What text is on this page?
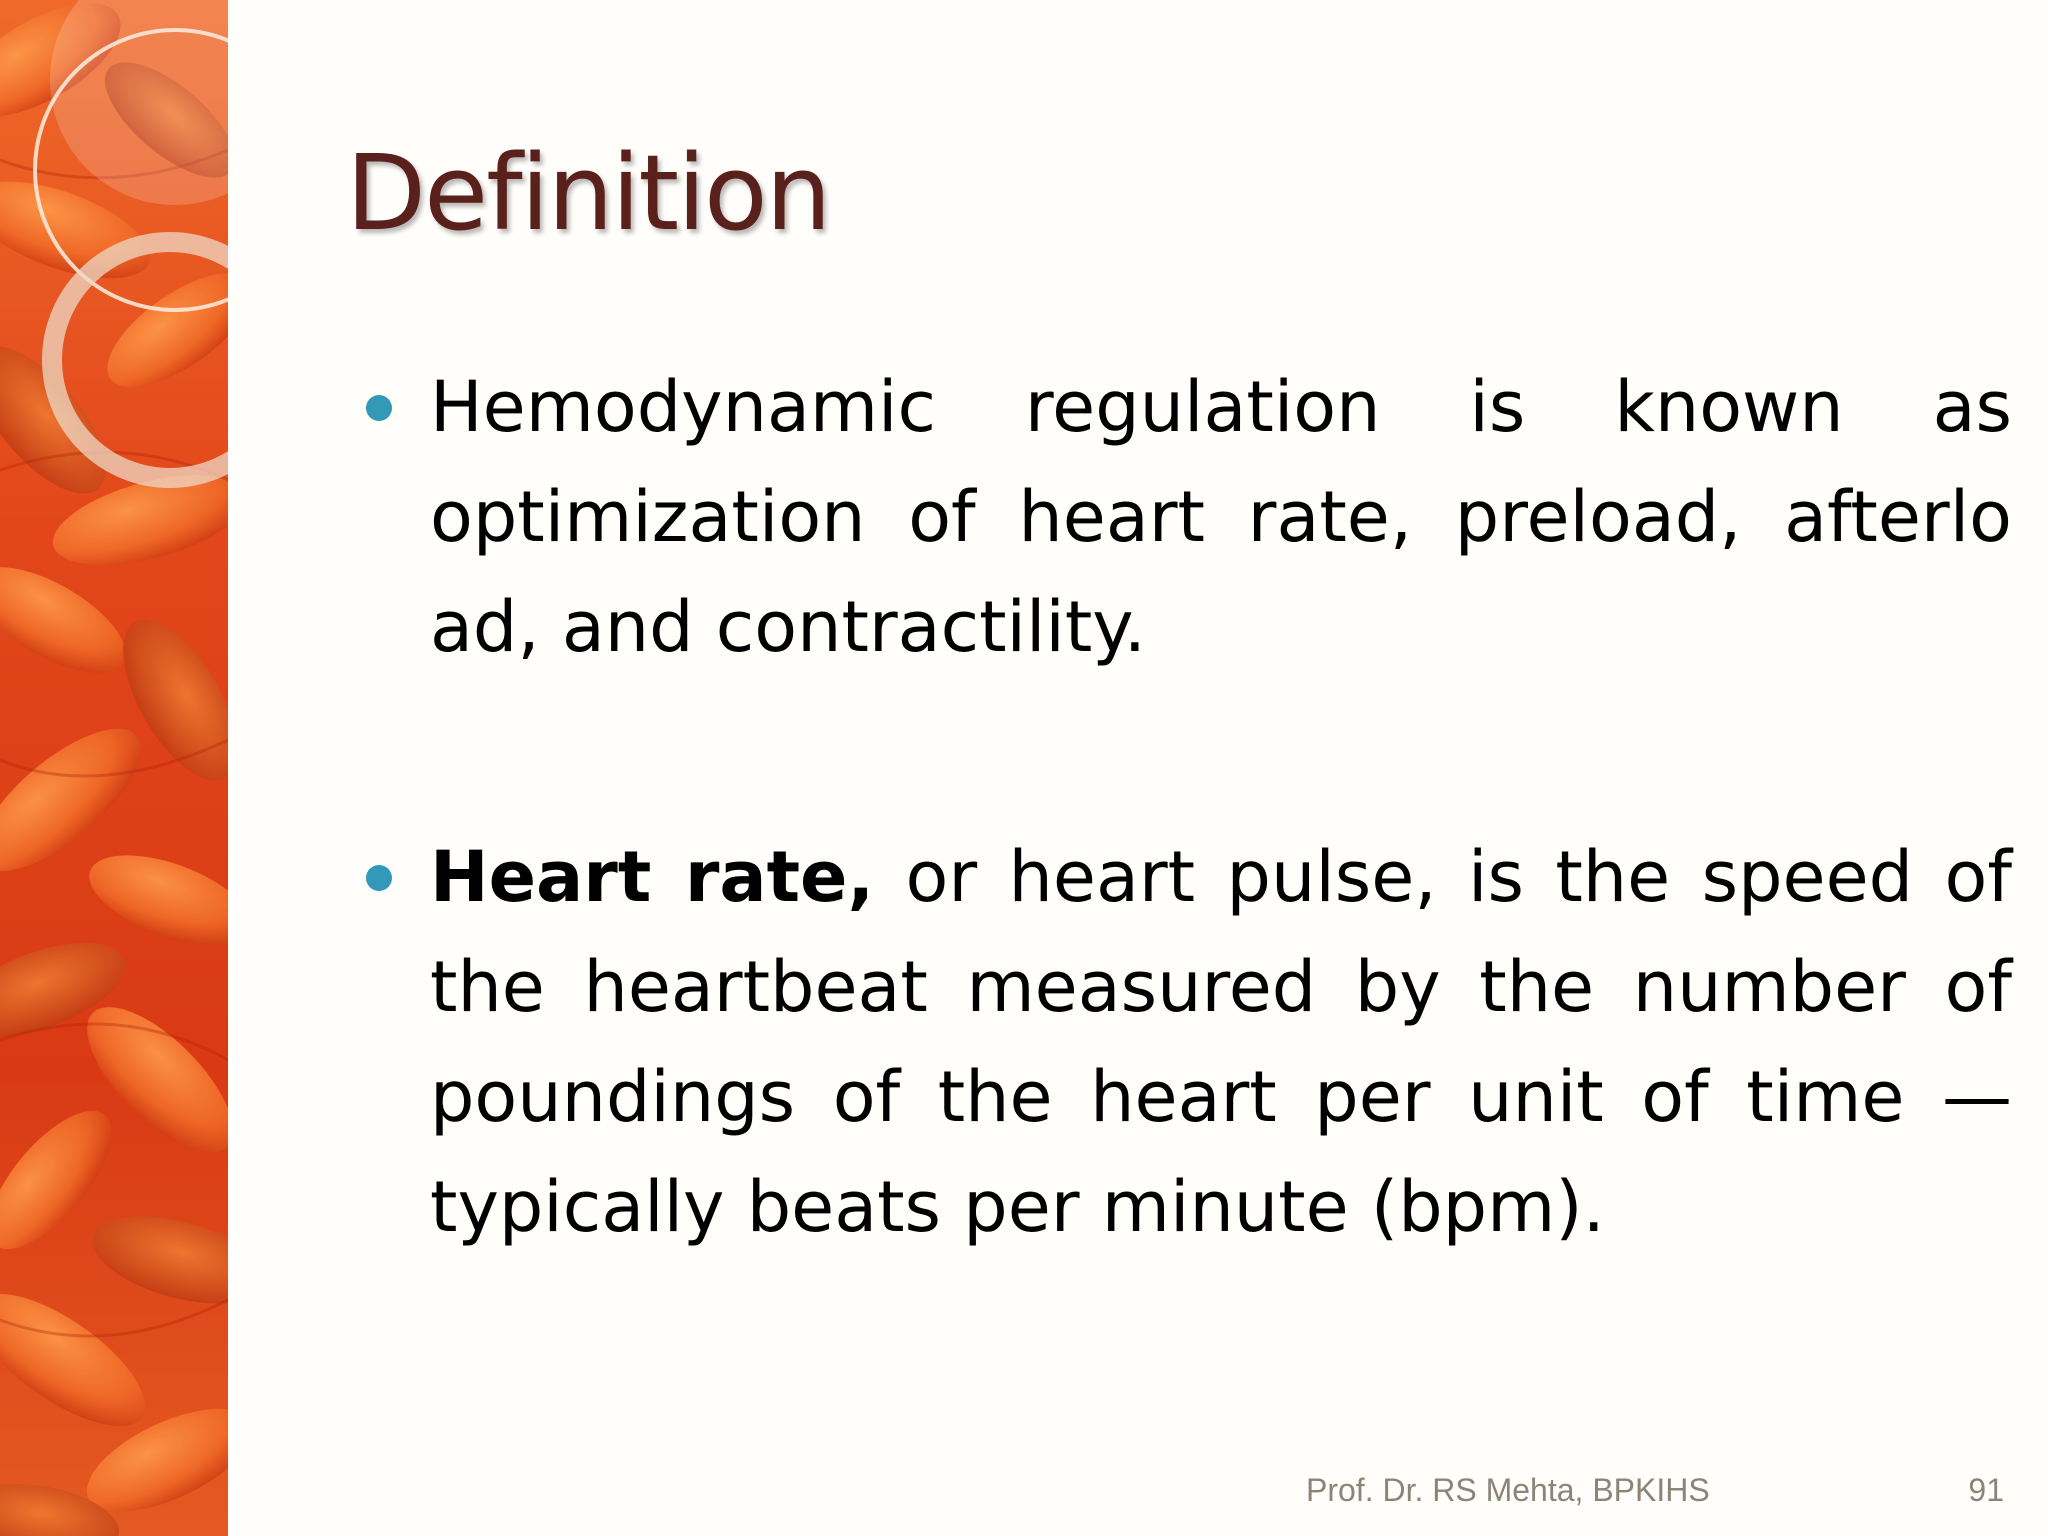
Definition
Hemodynamic regulation is known as optimization of heart rate, preload, afterlo ad, and contractility.
Heart rate, or heart pulse, is the speed of the heartbeat measured by the number of poundings of the heart per unit of time — typically beats per minute (bpm).
Prof. Dr. RS Mehta, BPKIHS	91
